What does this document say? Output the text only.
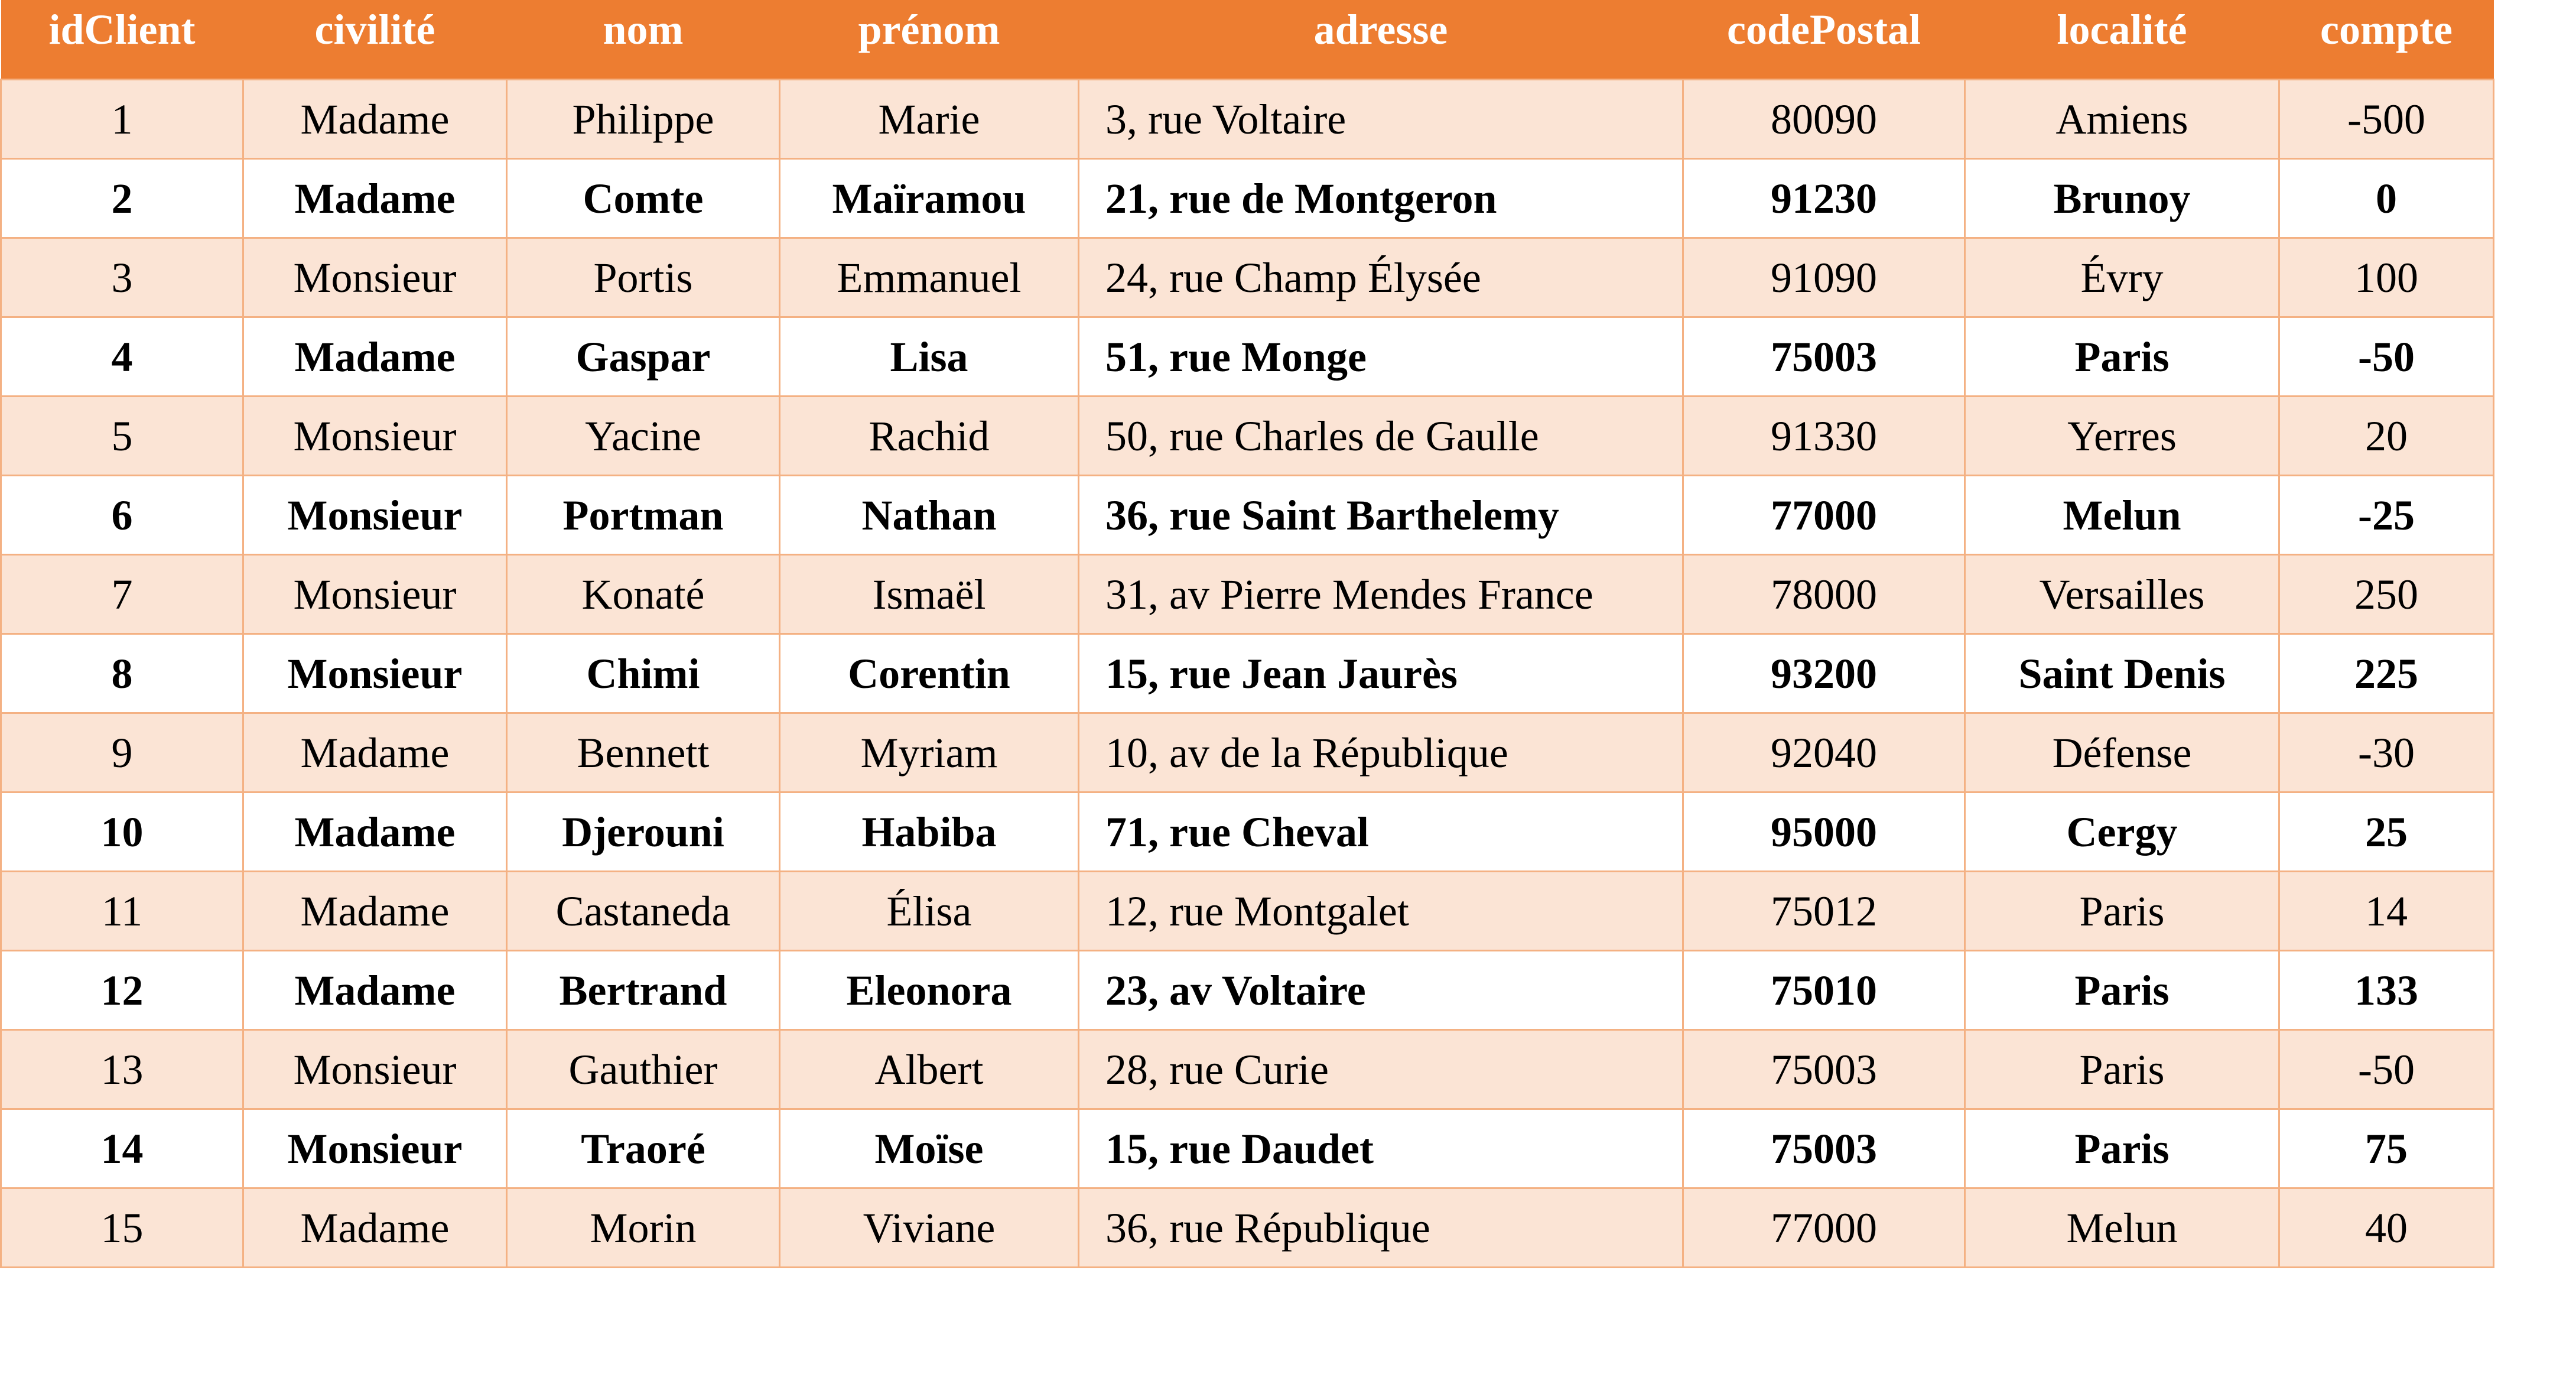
idClient	civilité	nom	prénom	adresse	codePostal	localité	compte
1	Madame	Philippe	Marie	3, rue Voltaire	80090	Amiens	-500
2	Madame	Comte	Maïramou	21, rue de Montgeron	91230	Brunoy	0
3	Monsieur	Portis	Emmanuel	24, rue Champ Élysée	91090	Évry	100
4	Madame	Gaspar	Lisa	51, rue Monge	75003	Paris	-50
5	Monsieur	Yacine	Rachid	50, rue Charles de Gaulle	91330	Yerres	20
6	Monsieur	Portman	Nathan	36, rue Saint Barthelemy	77000	Melun	-25
7	Monsieur	Konaté	Ismaël	31, av Pierre Mendes France	78000	Versailles	250
8	Monsieur	Chimi	Corentin	15, rue Jean Jaurès	93200	Saint Denis	225
9	Madame	Bennett	Myriam	10, av de la République	92040	Défense	-30
10	Madame	Djerouni	Habiba	71, rue Cheval	95000	Cergy	25
11	Madame	Castaneda	Élisa	12, rue Montgalet	75012	Paris	14
12	Madame	Bertrand	Eleonora	23, av Voltaire	75010	Paris	133
13	Monsieur	Gauthier	Albert	28, rue Curie	75003	Paris	-50
14	Monsieur	Traoré	Moïse	15, rue Daudet	75003	Paris	75
15	Madame	Morin	Viviane	36, rue République	77000	Melun	40
